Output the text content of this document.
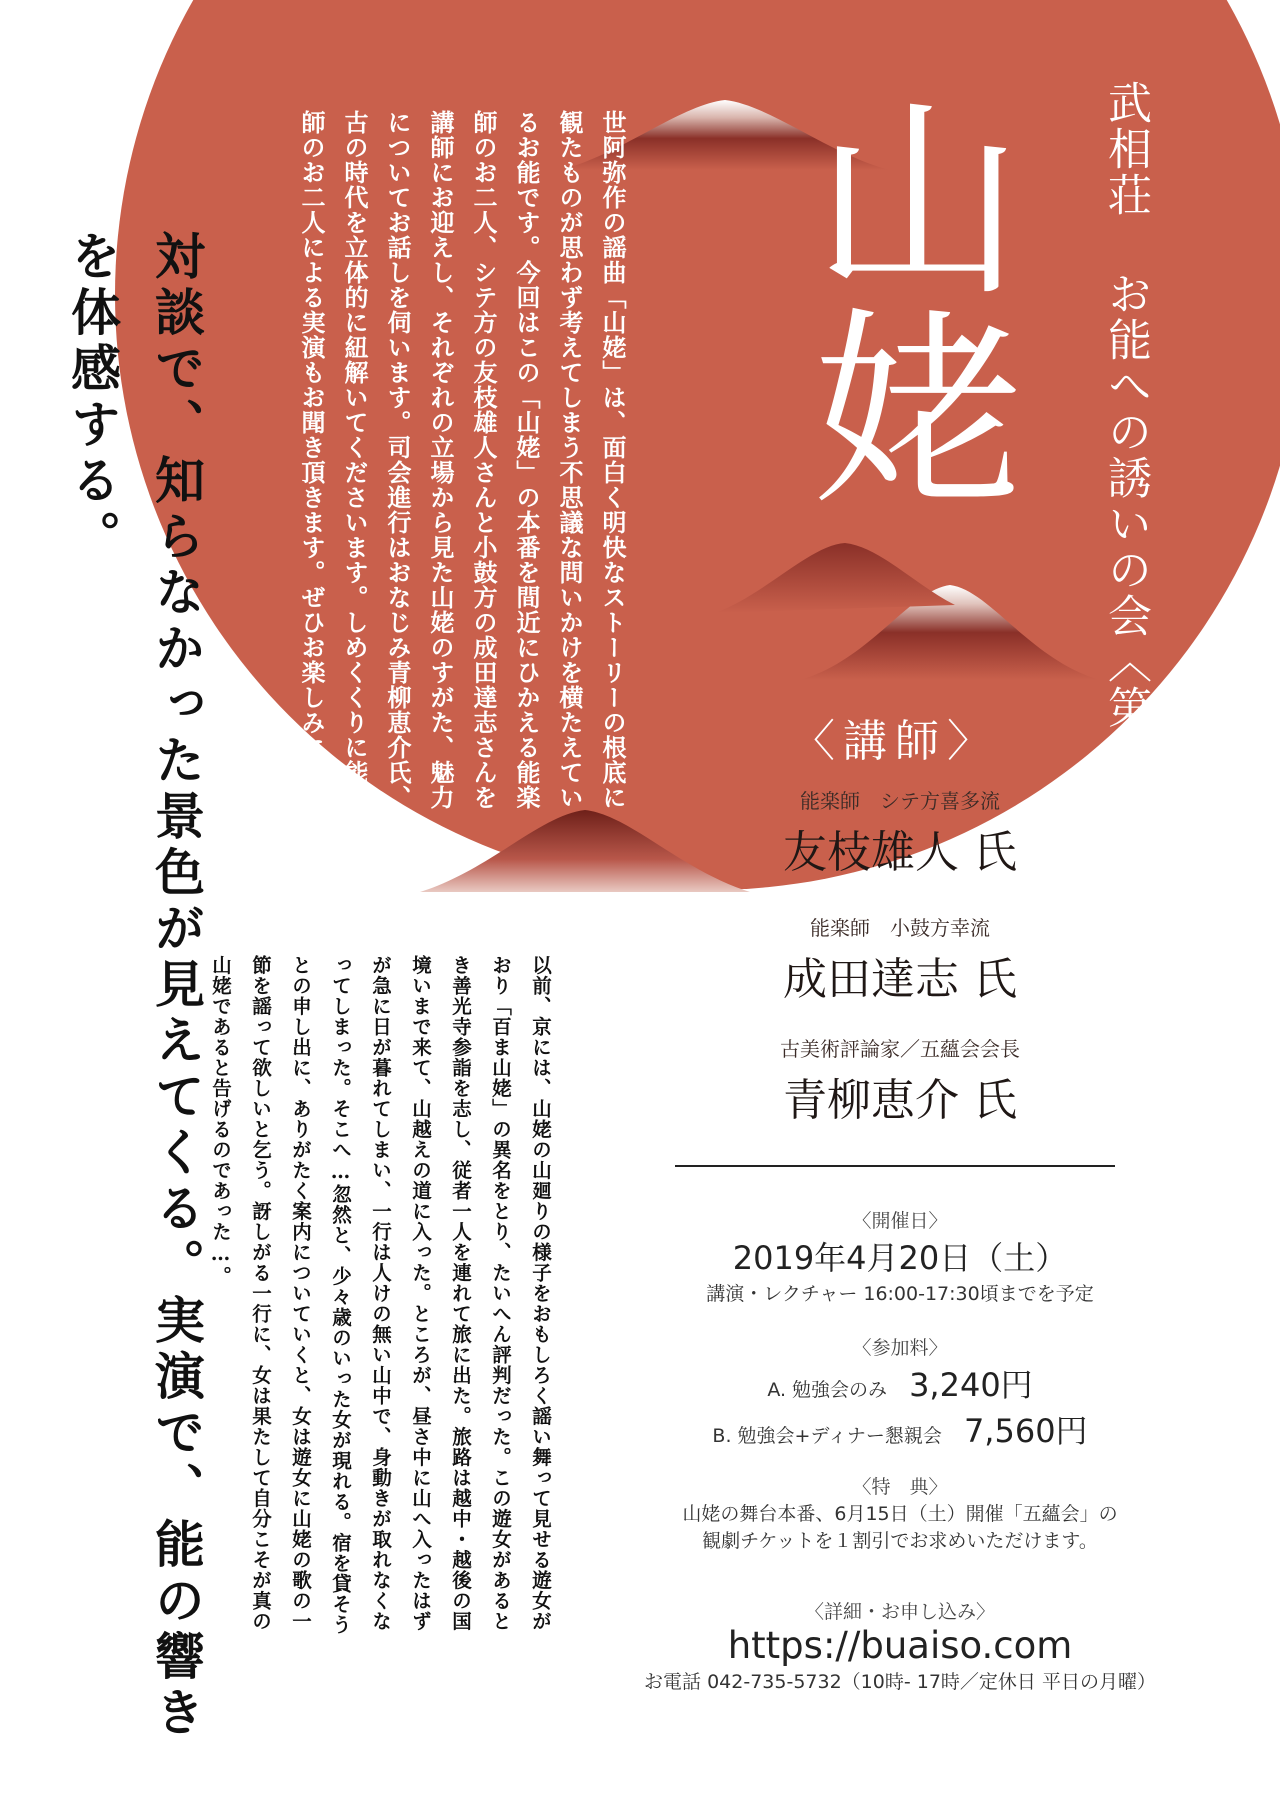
武相荘 お能への誘いの会〈第八回〉
山姥
世阿弥作の謡曲「山姥」は、面白く明快なストーリーの根底に観たものが思わず考えてしまう不思議な問いかけを横たえているお能です。今回はこの「山姥」の本番を間近にひかえる能楽師のお二人、シテ方の友枝雄人さんと小鼓方の成田達志さんを講師にお迎えし、それぞれの立場から見た山姥のすがた、魅力についてお話しを伺います。司会進行はおなじみ青柳恵介氏、古の時代を立体的に紐解いてくださいます。しめくくりに能楽師のお二人による実演もお聞き頂きます。ぜひお楽しみに！	〈講師〉
能楽師　シテ方喜多流
友枝雄人 氏
能楽師　小鼓方幸流
成田達志 氏
古美術評論家／五蘊会会長
青柳恵介 氏
対談で、知らなかった景色が見えてくる。実演で、能の響きを体感する。
以前、京には、山姥の山廻りの様子をおもしろく謡い舞って見せる遊女がおり「百ま山姥」の異名をとり、たいへん評判だった。この遊女があるとき善光寺参詣を志し、従者一人を連れて旅に出た。旅路は越中・越後の国境いまで来て、山越えの道に入った。ところが、昼さ中に山へ入ったはずが急に日が暮れてしまい、一行は人けの無い山中で、身動きが取れなくなってしまった。そこへ…忽然と、少々歳のいった女が現れる。宿を貸そうとの申し出に、ありがたく案内についていくと、女は遊女に山姥の歌の一節を謡って欲しいと乞う。訝しがる一行に、女は果たして自分こそが真の山姥であると告げるのであった…。	〈開催日〉
2019年4月20日（土）
講演・レクチャー 16:00-17:30頃までを予定
〈参加料〉
A. 勉強会のみ 3,240円
B. 勉強会+ディナー懇親会 7,560円
〈特　典〉
山姥の舞台本番、6月15日（土）開催「五蘊会」の
観劇チケットを１割引でお求めいただけます。
〈詳細・お申し込み〉
https://buaiso.com
お電話 042-735-5732（10時- 17時／定休日 平日の月曜）
